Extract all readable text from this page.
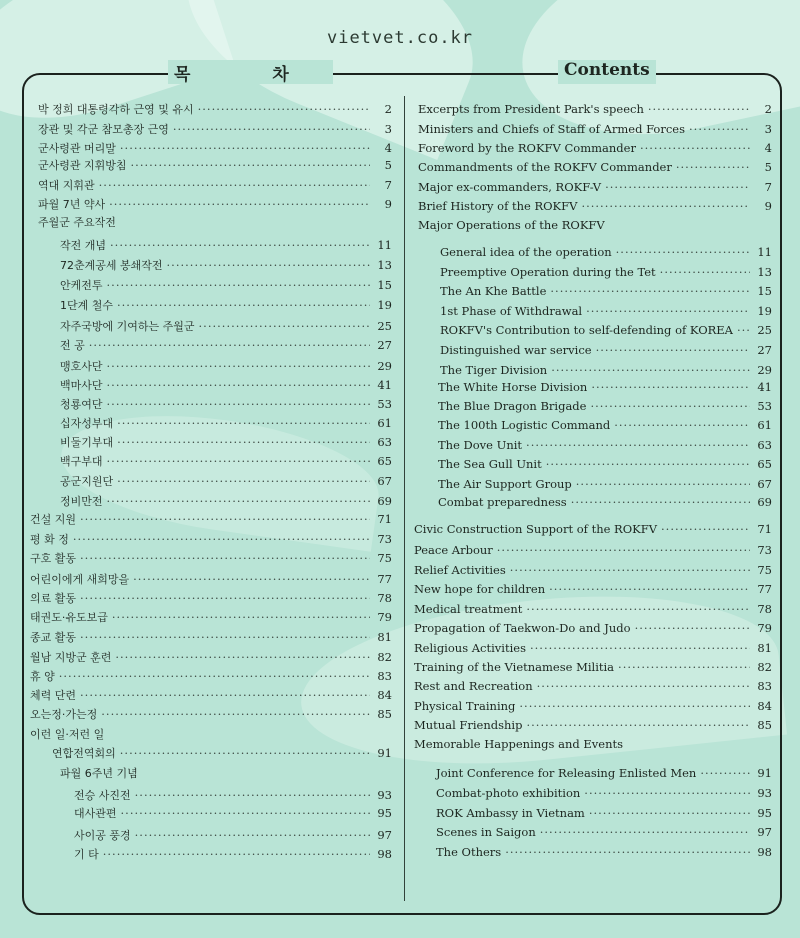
vietvet.co.kr
목 차	Contents
박 정희 대통령각하 근영 및 유시 ·····	2
장관 및 각군 참모총장 근영 ·····	3
군사령관 머리말 ·····	4
군사령관 지휘방침 ·····	5
역대 지휘관 ·····	7
파월 7년 약사 ·····	9
주월군 주요작전
작전 개념 ·····	11
72춘계공세 봉쇄작전 ·····	13
안케전투 ·····	15
1단계 철수 ·····	19
자주국방에 기여하는 주월군 ·····	25
전 공 ·····	27
맹호사단 ·····	29
백마사단 ·····	41
청룡여단 ·····	53
십자성부대 ·····	61
비둘기부대 ·····	63
백구부대 ·····	65
공군지원단 ·····	67
정비만전 ·····	69
건설 지원 ·····	71
평 화 정 ·····	73
구호 활동 ·····	75
어린이에게 새희망을 ·····	77
의료 활동 ·····	78
태권도·유도보급 ·····	79
종교 활동 ·····	81
월남 지방군 훈련 ·····	82
휴 양 ·····	83
체력 단련 ·····	84
오는정·가는정 ·····	85
이런 일·저런 일
연합전역회의 ·····	91
파월 6주년 기념
전승 사진전 ·····	93
대사관편 ·····	95
사이공 풍경 ·····	97
기 타 ·····	98
Excerpts from President Park's speech ·····	2
Ministers and Chiefs of Staff of Armed Forces ·····	3
Foreword by the ROKFV Commander ·····	4
Commandments of the ROKFV Commander ·····	5
Major ex-commanders, ROKF-V ·····	7
Brief History of the ROKFV ·····	9
Major Operations of the ROKFV
General idea of the operation ·····	11
Preemptive Operation during the Tet ·····	13
The An Khe Battle ·····	15
1st Phase of Withdrawal ·····	19
ROKFV's Contribution to self-defending of KOREA ····· 25
Distinguished war service ·····	27
The Tiger Division ·····	29
The White Horse Division ·····	41
The Blue Dragon Brigade ·····	53
The 100th Logistic Command ·····	61
The Dove Unit ·····	63
The Sea Gull Unit ·····	65
The Air Support Group ·····	67
Combat preparedness ·····	69
Civic Construction Support of the ROKFV ·····	71
Peace Arbour ·····	73
Relief Activities ·····	75
New hope for children ·····	77
Medical treatment ·····	78
Propagation of Taekwon-Do and Judo ·····	79
Religious Activities ·····	81
Training of the Vietnamese Militia ·····	82
Rest and Recreation ·····	83
Physical Training ·····	84
Mutual Friendship ·····	85
Memorable Happenings and Events
Joint Conference for Releasing Enlisted Men ·····	91
Combat-photo exhibition ·····	93
ROK Ambassy in Vietnam ·····	95
Scenes in Saigon ·····	97
The Others ·····	98
